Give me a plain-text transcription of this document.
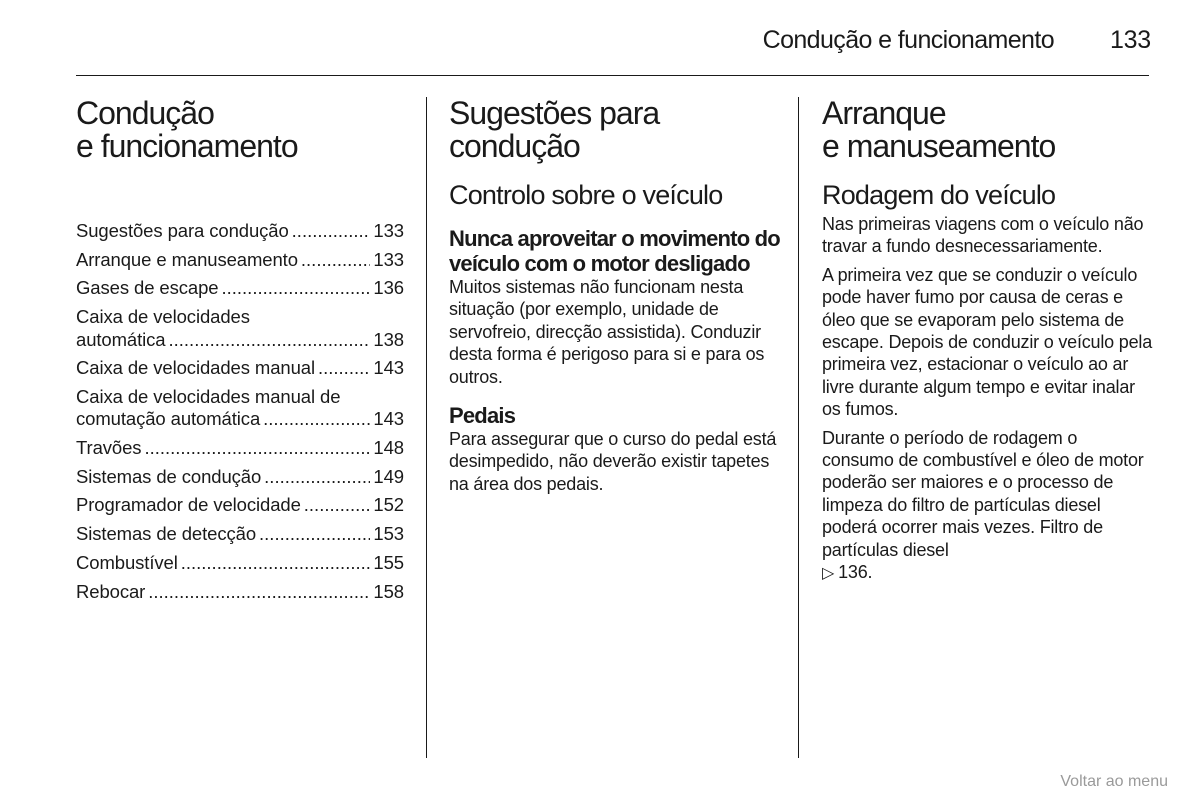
Condução e funcionamento 133
Condução
e funcionamento
Sugestões para condução .....	133
Arranque e manuseamento .....	133
Gases de escape .....	136
Caixa de velocidades
automática .....	138
Caixa de velocidades manual .....	143
Caixa de velocidades manual de
comutação automática .....	143
Travões .....	148
Sistemas de condução .....	149
Programador de velocidade .....	152
Sistemas de detecção .....	153
Combustível .....	155
Rebocar .....	158
Sugestões para
condução
Controlo sobre o veículo
Nunca aproveitar o movimento do veículo com o motor desligado

Muitos sistemas não funcionam nesta situação (por exemplo, unidade de servofreio, direcção assistida). Conduzir desta forma é perigoso para si e para os outros.

Pedais

Para assegurar que o curso do pedal está desimpedido, não deverão existir tapetes na área dos pedais.

Arranque
e manuseamento
Rodagem do veículo

Nas primeiras viagens com o veículo não travar a fundo desnecessariamente.

A primeira vez que se conduzir o veículo pode haver fumo por causa de ceras e óleo que se evaporam pelo sistema de escape. Depois de conduzir o veículo pela primeira vez, estacionar o veículo ao ar livre durante algum tempo e evitar inalar os fumos.

Durante o período de rodagem o consumo de combustível e óleo de motor poderão ser maiores e o processo de limpeza do filtro de partículas diesel poderá ocorrer mais vezes. Filtro de partículas diesel
▷ 136.

Voltar ao menu
